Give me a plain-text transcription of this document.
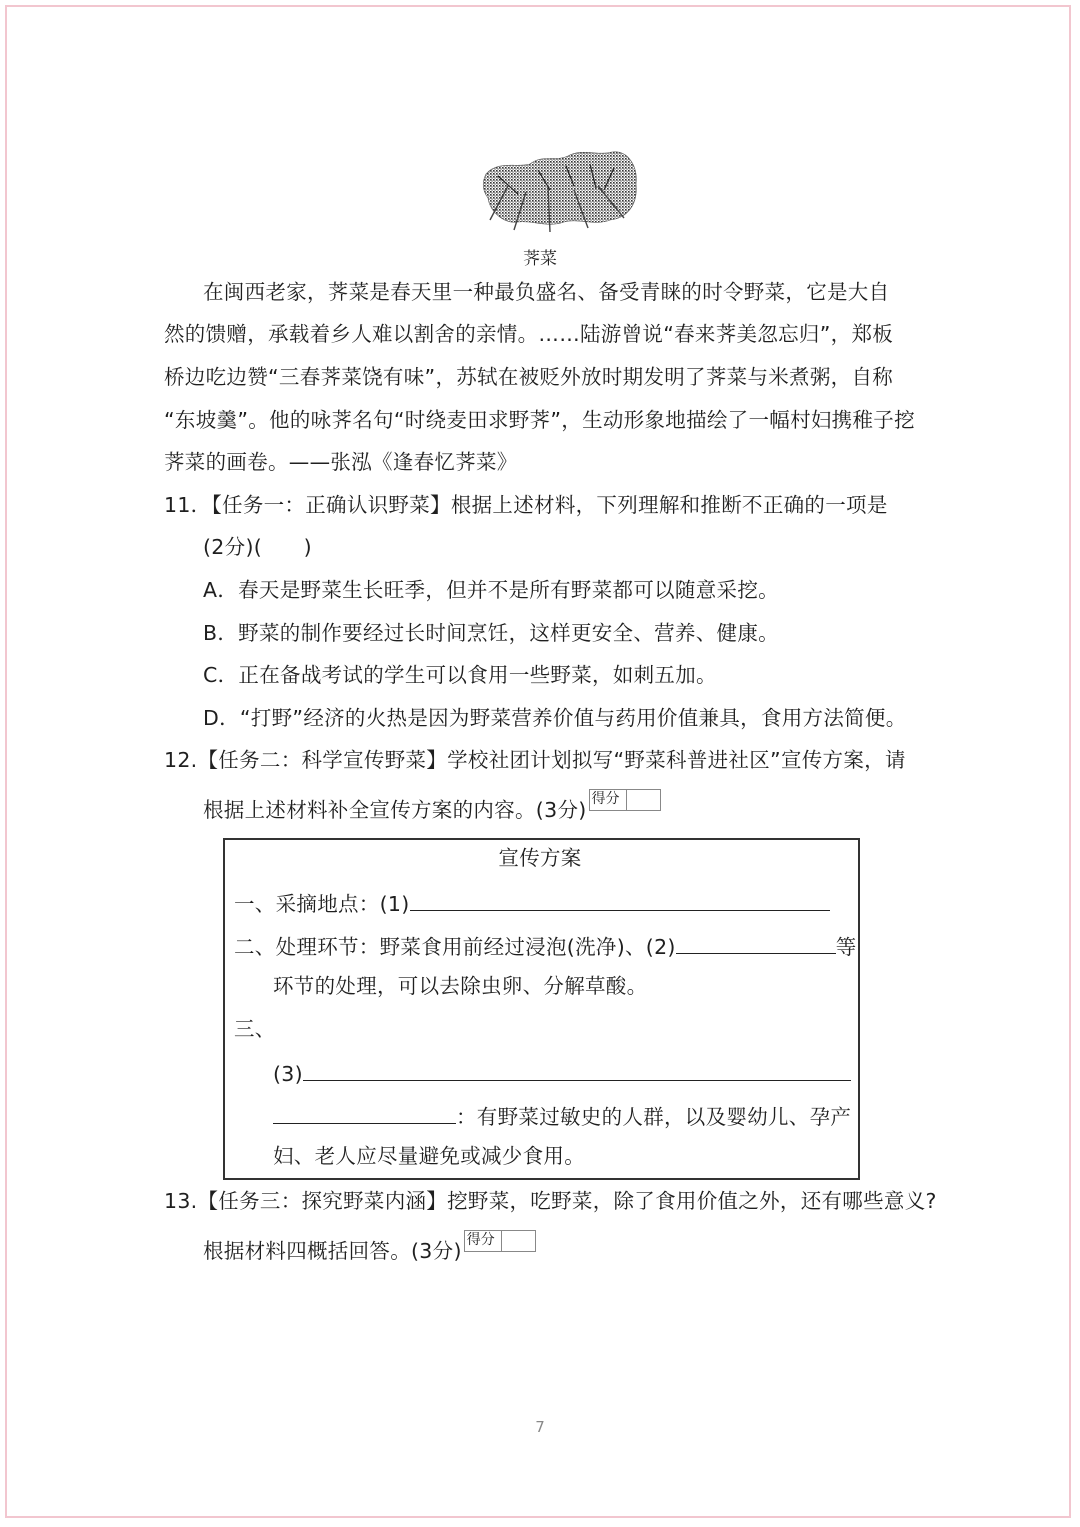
荠菜
在闽西老家，荠菜是春天里一种最负盛名、备受青睐的时令野菜，它是大自
然的馈赠，承载着乡人难以割舍的亲情。……陆游曾说“春来荠美忽忘归”，郑板
桥边吃边赞“三春荠菜饶有味”，苏轼在被贬外放时期发明了荠菜与米煮粥，自称
“东坡羹”。他的咏荠名句“时绕麦田求野荠”，生动形象地描绘了一幅村妇携稚子挖
荠菜的画卷。——张泓《逢春忆荠菜》
11．【任务一：正确认识野菜】根据上述材料，下列理解和推断不正确的一项是
(2分)(　　)
A．春天是野菜生长旺季，但并不是所有野菜都可以随意采挖。
B．野菜的制作要经过长时间烹饪，这样更安全、营养、健康。
C．正在备战考试的学生可以食用一些野菜，如刺五加。
D．“打野”经济的火热是因为野菜营养价值与药用价值兼具，食用方法简便。
12.【任务二：科学宣传野菜】学校社团计划拟写“野菜科普进社区”宣传方案，请
根据上述材料补全宣传方案的内容。(3分) 得分
宣传方案
一、采摘地点：(1)
二、处理环节：野菜食用前经过浸泡(洗净)、(2)	等
环节的处理，可以去除虫卵、分解草酸。
三、
(3)
：有野菜过敏史的人群，以及婴幼儿、孕产
妇、老人应尽量避免或减少食用。
13.【任务三：探究野菜内涵】挖野菜，吃野菜，除了食用价值之外，还有哪些意义?
根据材料四概括回答。(3分) 得分
7
